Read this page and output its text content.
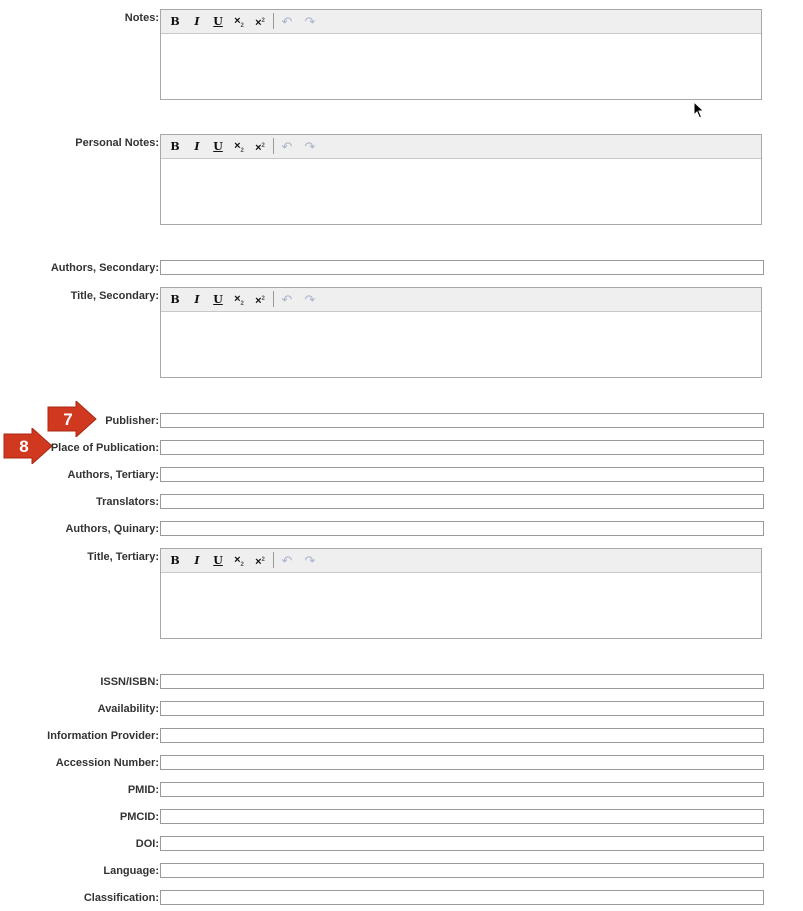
Notes:	B	I	$U \times_2 \times^2$ ↶ ↷
Personal Notes:	B	I	$U \times_2 \times^2$ ↶ ↷
Authors, Secondary:
Title, Secondary:	B	I	$U \times_2 \times^2$ ↶ ↷
7	Publisher:
8 Place of Publication:
Authors, Tertiary:
Translators:
Authors, Quinary:
Title, Tertiary:	B	I	$U \times_2 \times^2$ ↶ ↷
ISSN/ISBN:
Availability:
Information Provider:
Accession Number:
PMID:
PMCID:
DOI:
Language:
Classification:
